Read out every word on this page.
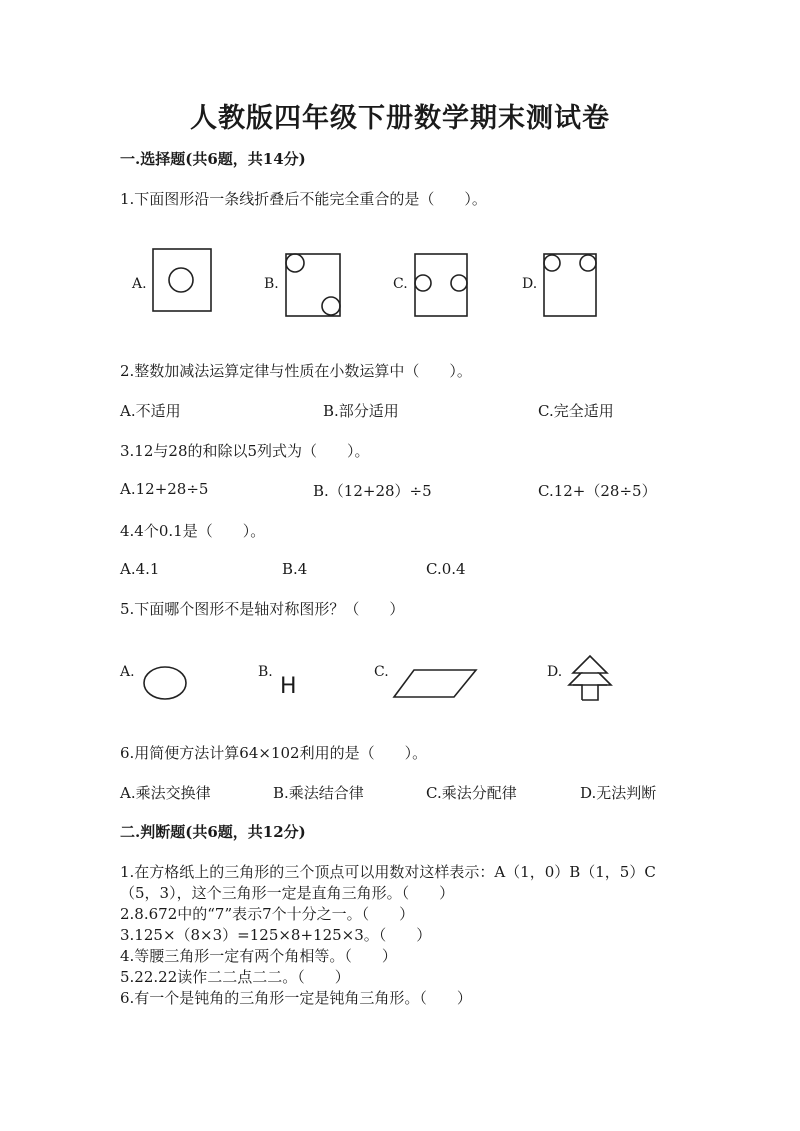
人教版四年级下册数学期末测试卷
一.选择题(共6题，共14分)
1.下面图形沿一条线折叠后不能完全重合的是（　　）。
A.	B.	C.	D.
2.整数加减法运算定律与性质在小数运算中（　　）。
A.不适用	B.部分适用	C.完全适用
3.12与28的和除以5列式为（　　）。
A.12+28÷5	B.（12+28）÷5	C.12+（28÷5）
4.4个0.1是（　　）。
A.4.1	B.4	C.0.4
5.下面哪个图形不是轴对称图形？（　　）
A.	B.
H
C.	D.
6.用简便方法计算64×102利用的是（　　）。
A.乘法交换律	B.乘法结合律	C.乘法分配律	D.无法判断
二.判断题(共6题，共12分)
1.在方格纸上的三角形的三个顶点可以用数对这样表示：A（1，0）B（1，5）C
（5，3），这个三角形一定是直角三角形。（　　）
2.8.672中的“7”表示7个十分之一。（　　）
3.125×（8×3）=125×8+125×3。（　　）
4.等腰三角形一定有两个角相等。（　　）
5.22.22读作二二点二二。（　　）
6.有一个是钝角的三角形一定是钝角三角形。（　　）
